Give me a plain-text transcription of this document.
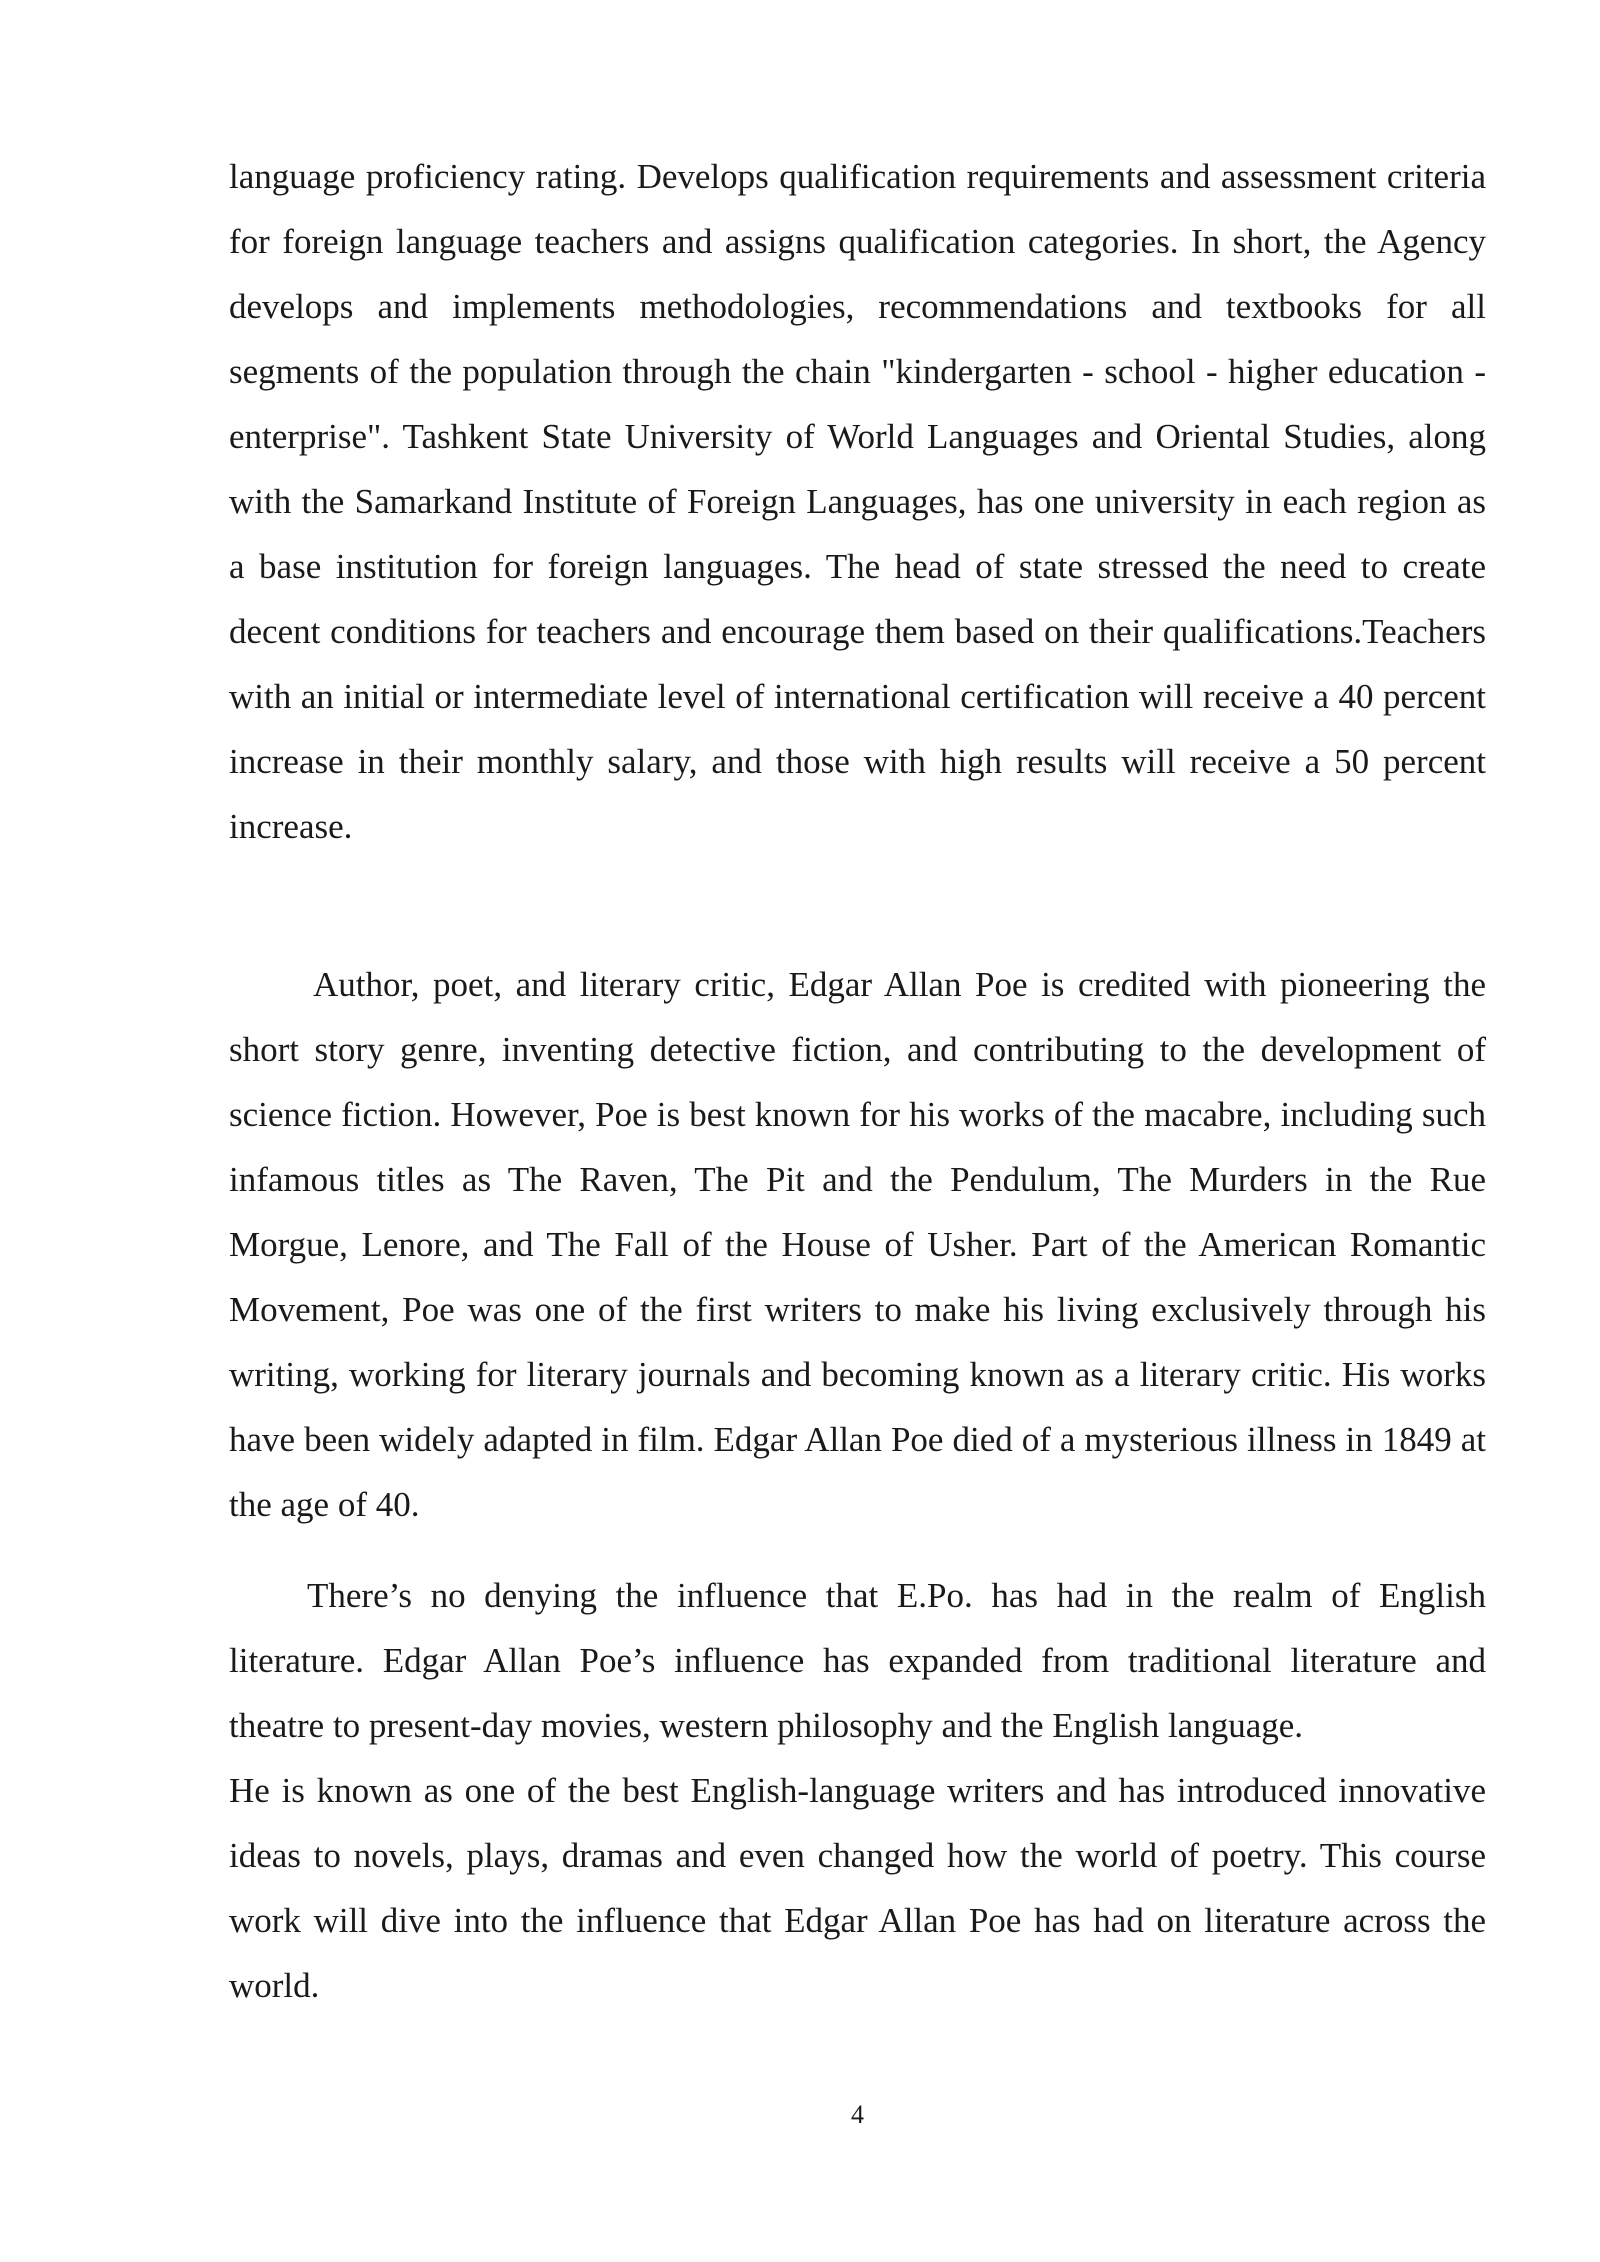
language proficiency rating. Develops qualification requirements and assessment criteria for foreign language teachers and assigns qualification categories. In short, the Agency develops and implements methodologies, recommendations and textbooks for all segments of the population through the chain "kindergarten - school - higher education - enterprise". Tashkent State University of World Languages and Oriental Studies, along with the Samarkand Institute of Foreign Languages, has one university in each region as a base institution for foreign languages. The head of state stressed the need to create decent conditions for teachers and encourage them based on their qualifications.Teachers with an initial or intermediate level of international certification will receive a 40 percent increase in their monthly salary, and those with high results will receive a 50 percent increase.

Author, poet, and literary critic, Edgar Allan Poe is credited with pioneering the short story genre, inventing detective fiction, and contributing to the development of science fiction. However, Poe is best known for his works of the macabre, including such infamous titles as The Raven, The Pit and the Pendulum, The Murders in the Rue Morgue, Lenore, and The Fall of the House of Usher. Part of the American Romantic Movement, Poe was one of the first writers to make his living exclusively through his writing, working for literary journals and becoming known as a literary critic. His works have been widely adapted in film. Edgar Allan Poe died of a mysterious illness in 1849 at the age of 40.

There’s no denying the influence that E.Po. has had in the realm of English literature. Edgar Allan Poe’s influence has expanded from traditional literature and theatre to present-day movies, western philosophy and the English language.

He is known as one of the best English-language writers and has introduced innovative ideas to novels, plays, dramas and even changed how the world of poetry. This course work will dive into the influence that Edgar Allan Poe has had on literature across the world.

4
